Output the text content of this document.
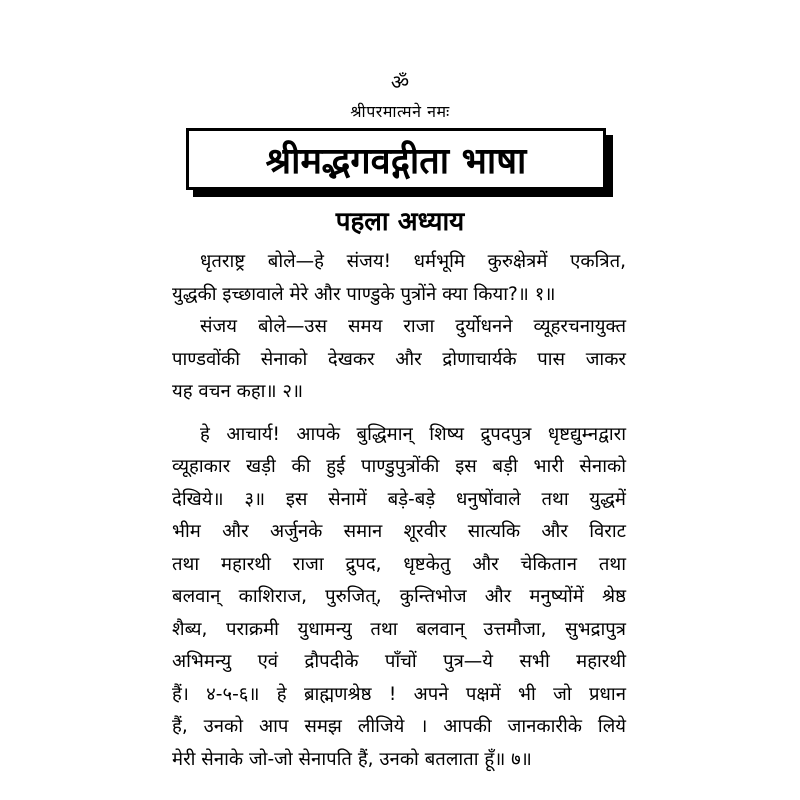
ॐ
श्रीपरमात्मने नमः
श्रीमद्भगवद्गीता भाषा
पहला अध्याय
धृतराष्ट्र बोले—हे संजय! धर्मभूमि कुरुक्षेत्रमें एकत्रित,
युद्धकी इच्छावाले मेरे और पाण्डुके पुत्रोंने क्या किया?॥ १॥
संजय बोले—उस समय राजा दुर्योधनने व्यूहरचनायुक्त
पाण्डवोंकी सेनाको देखकर और द्रोणाचार्यके पास जाकर
यह वचन कहा॥ २॥
हे आचार्य! आपके बुद्धिमान् शिष्य द्रुपदपुत्र धृष्टद्युम्नद्वारा
व्यूहाकार खड़ी की हुई पाण्डुपुत्रोंकी इस बड़ी भारी सेनाको
देखिये॥ ३॥ इस सेनामें बड़े-बड़े धनुषोंवाले तथा युद्धमें
भीम और अर्जुनके समान शूरवीर सात्यकि और विराट
तथा महारथी राजा द्रुपद, धृष्टकेतु और चेकितान तथा
बलवान् काशिराज, पुरुजित्, कुन्तिभोज और मनुष्योंमें श्रेष्ठ
शैब्य, पराक्रमी युधामन्यु तथा बलवान् उत्तमौजा, सुभद्रापुत्र
अभिमन्यु एवं द्रौपदीके पाँचों पुत्र—ये सभी महारथी
हैं। ४-५-६॥ हे ब्राह्मणश्रेष्ठ ! अपने पक्षमें भी जो प्रधान
हैं, उनको आप समझ लीजिये । आपकी जानकारीके लिये
मेरी सेनाके जो-जो सेनापति हैं, उनको बतलाता हूँ॥ ७॥
